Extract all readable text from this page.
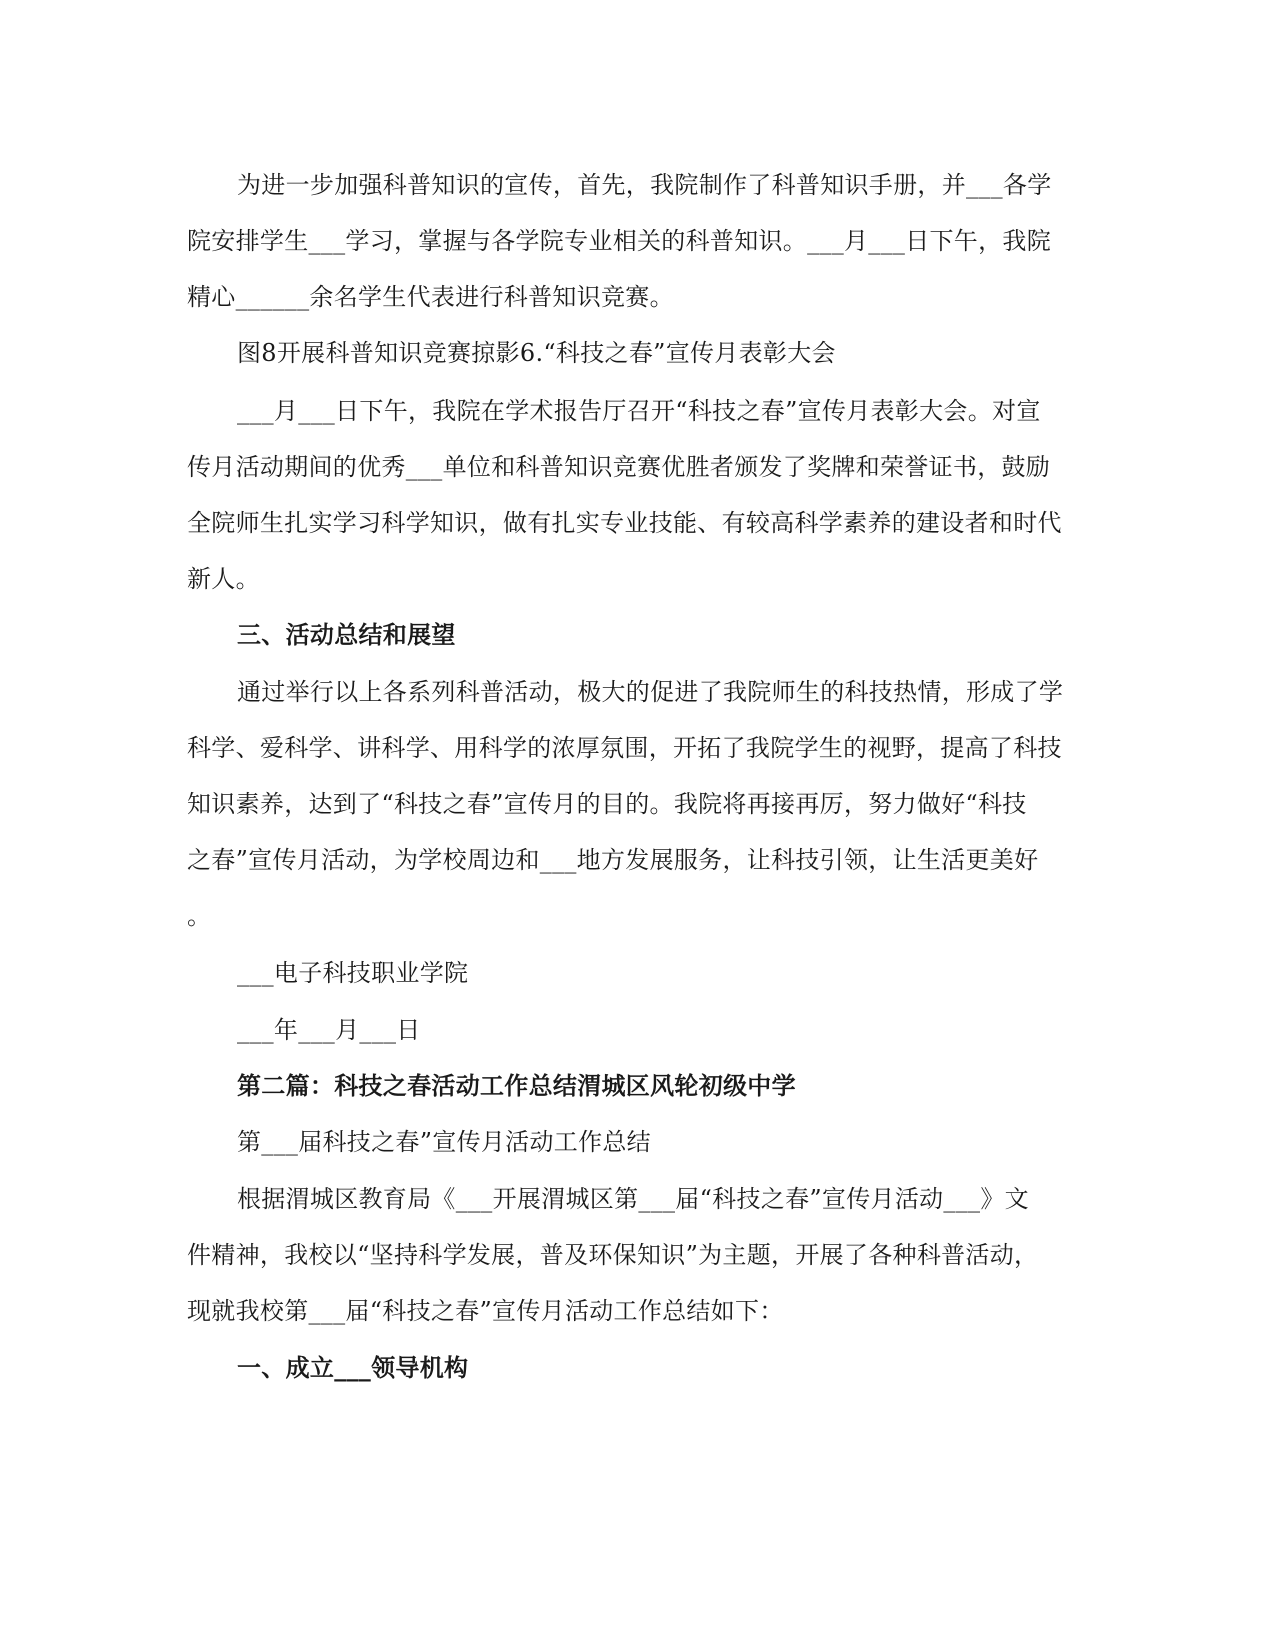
为进一步加强科普知识的宣传，首先，我院制作了科普知识手册，并___各学
院安排学生___学习，掌握与各学院专业相关的科普知识。___月___日下午，我院
精心______余名学生代表进行科普知识竞赛。
图8开展科普知识竞赛掠影6.“科技之春”宣传月表彰大会
___月___日下午，我院在学术报告厅召开“科技之春”宣传月表彰大会。对宣
传月活动期间的优秀___单位和科普知识竞赛优胜者颁发了奖牌和荣誉证书，鼓励
全院师生扎实学习科学知识，做有扎实专业技能、有较高科学素养的建设者和时代
新人。
三、活动总结和展望
通过举行以上各系列科普活动，极大的促进了我院师生的科技热情，形成了学
科学、爱科学、讲科学、用科学的浓厚氛围，开拓了我院学生的视野，提高了科技
知识素养，达到了“科技之春”宣传月的目的。我院将再接再厉，努力做好“科技
之春”宣传月活动，为学校周边和___地方发展服务，让科技引领，让生活更美好
。
___电子科技职业学院
___年___月___日
第二篇：科技之春活动工作总结渭城区风轮初级中学
第___届科技之春”宣传月活动工作总结
根据渭城区教育局《___开展渭城区第___届“科技之春”宣传月活动___》文
件精神，我校以“坚持科学发展，普及环保知识”为主题，开展了各种科普活动，
现就我校第___届“科技之春”宣传月活动工作总结如下：
一、成立___领导机构
